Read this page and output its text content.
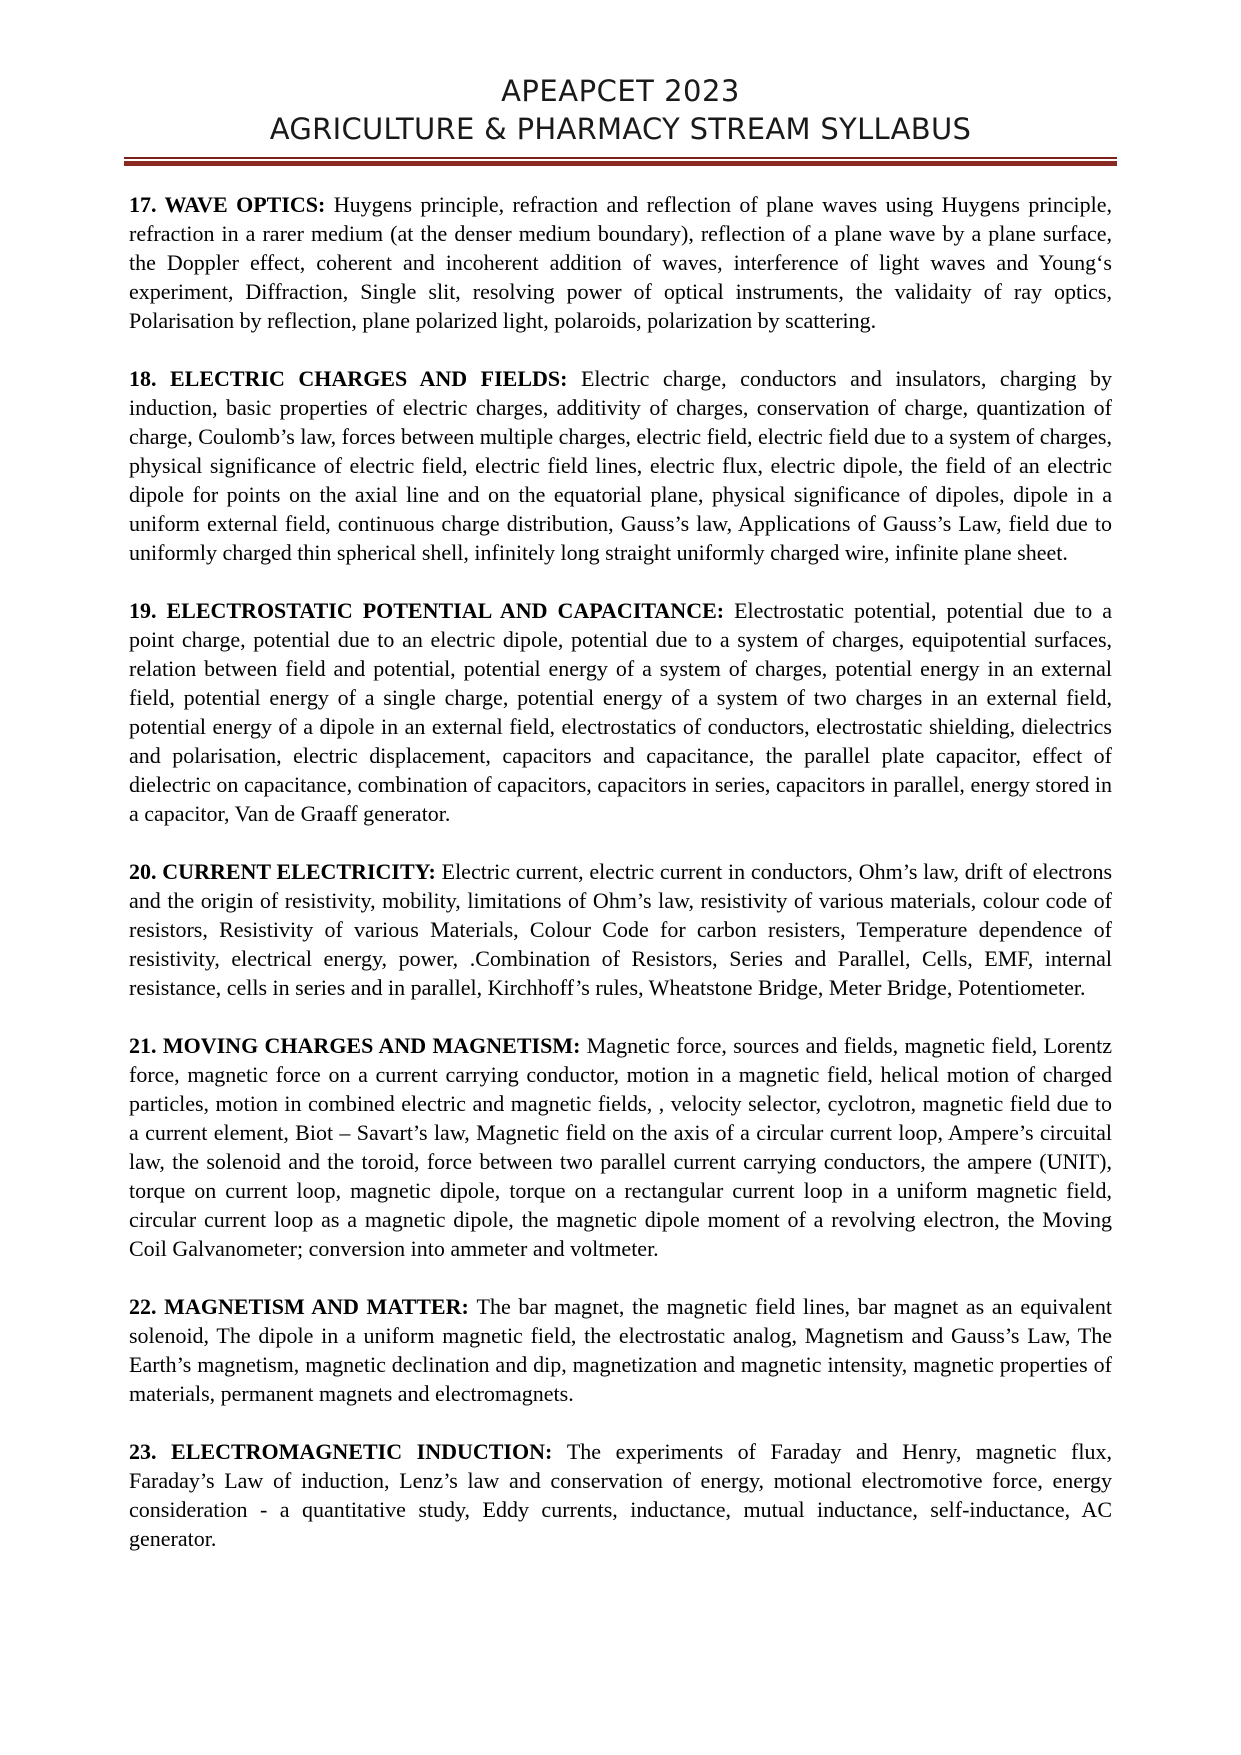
APEAPCET 2023
AGRICULTURE & PHARMACY STREAM SYLLABUS

17. WAVE OPTICS: Huygens principle, refraction and reflection of plane waves using Huygens principle, refraction in a rarer medium (at the denser medium boundary), reflection of a plane wave by a plane surface, the Doppler effect, coherent and incoherent addition of waves, interference of light waves and Young‘s experiment, Diffraction, Single slit, resolving power of optical instruments, the validaity of ray optics, Polarisation by reflection, plane polarized light, polaroids, polarization by scattering.

18. ELECTRIC CHARGES AND FIELDS: Electric charge, conductors and insulators, charging by induction, basic properties of electric charges, additivity of charges, conservation of charge, quantization of charge, Coulomb’s law, forces between multiple charges, electric field, electric field due to a system of charges, physical significance of electric field, electric field lines, electric flux, electric dipole, the field of an electric dipole for points on the axial line and on the equatorial plane, physical significance of dipoles, dipole in a uniform external field, continuous charge distribution, Gauss’s law, Applications of Gauss’s Law, field due to uniformly charged thin spherical shell, infinitely long straight uniformly charged wire, infinite plane sheet.

19. ELECTROSTATIC POTENTIAL AND CAPACITANCE: Electrostatic potential, potential due to a point charge, potential due to an electric dipole, potential due to a system of charges, equipotential surfaces, relation between field and potential, potential energy of a system of charges, potential energy in an external field, potential energy of a single charge, potential energy of a system of two charges in an external field, potential energy of a dipole in an external field, electrostatics of conductors, electrostatic shielding, dielectrics and polarisation, electric displacement, capacitors and capacitance, the parallel plate capacitor, effect of dielectric on capacitance, combination of capacitors, capacitors in series, capacitors in parallel, energy stored in a capacitor, Van de Graaff generator.

20. CURRENT ELECTRICITY: Electric current, electric current in conductors, Ohm’s law, drift of electrons and the origin of resistivity, mobility, limitations of Ohm’s law, resistivity of various materials, colour code of resistors, Resistivity of various Materials, Colour Code for carbon resisters, Temperature dependence of resistivity, electrical energy, power, .Combination of Resistors, Series and Parallel, Cells, EMF, internal resistance, cells in series and in parallel, Kirchhoff’s rules, Wheatstone Bridge, Meter Bridge, Potentiometer.

21. MOVING CHARGES AND MAGNETISM: Magnetic force, sources and fields, magnetic field, Lorentz force, magnetic force on a current carrying conductor, motion in a magnetic field, helical motion of charged particles, motion in combined electric and magnetic fields, , velocity selector, cyclotron, magnetic field due to a current element, Biot – Savart’s law, Magnetic field on the axis of a circular current loop, Ampere’s circuital law, the solenoid and the toroid, force between two parallel current carrying conductors, the ampere (UNIT), torque on current loop, magnetic dipole, torque on a rectangular current loop in a uniform magnetic field, circular current loop as a magnetic dipole, the magnetic dipole moment of a revolving electron, the Moving Coil Galvanometer; conversion into ammeter and voltmeter.

22. MAGNETISM AND MATTER: The bar magnet, the magnetic field lines, bar magnet as an equivalent solenoid, The dipole in a uniform magnetic field, the electrostatic analog, Magnetism and Gauss’s Law, The Earth’s magnetism, magnetic declination and dip, magnetization and magnetic intensity, magnetic properties of materials, permanent magnets and electromagnets.

23. ELECTROMAGNETIC INDUCTION: The experiments of Faraday and Henry, magnetic flux, Faraday’s Law of induction, Lenz’s law and conservation of energy, motional electromotive force, energy consideration - a quantitative study, Eddy currents, inductance, mutual inductance, self-inductance, AC generator.
